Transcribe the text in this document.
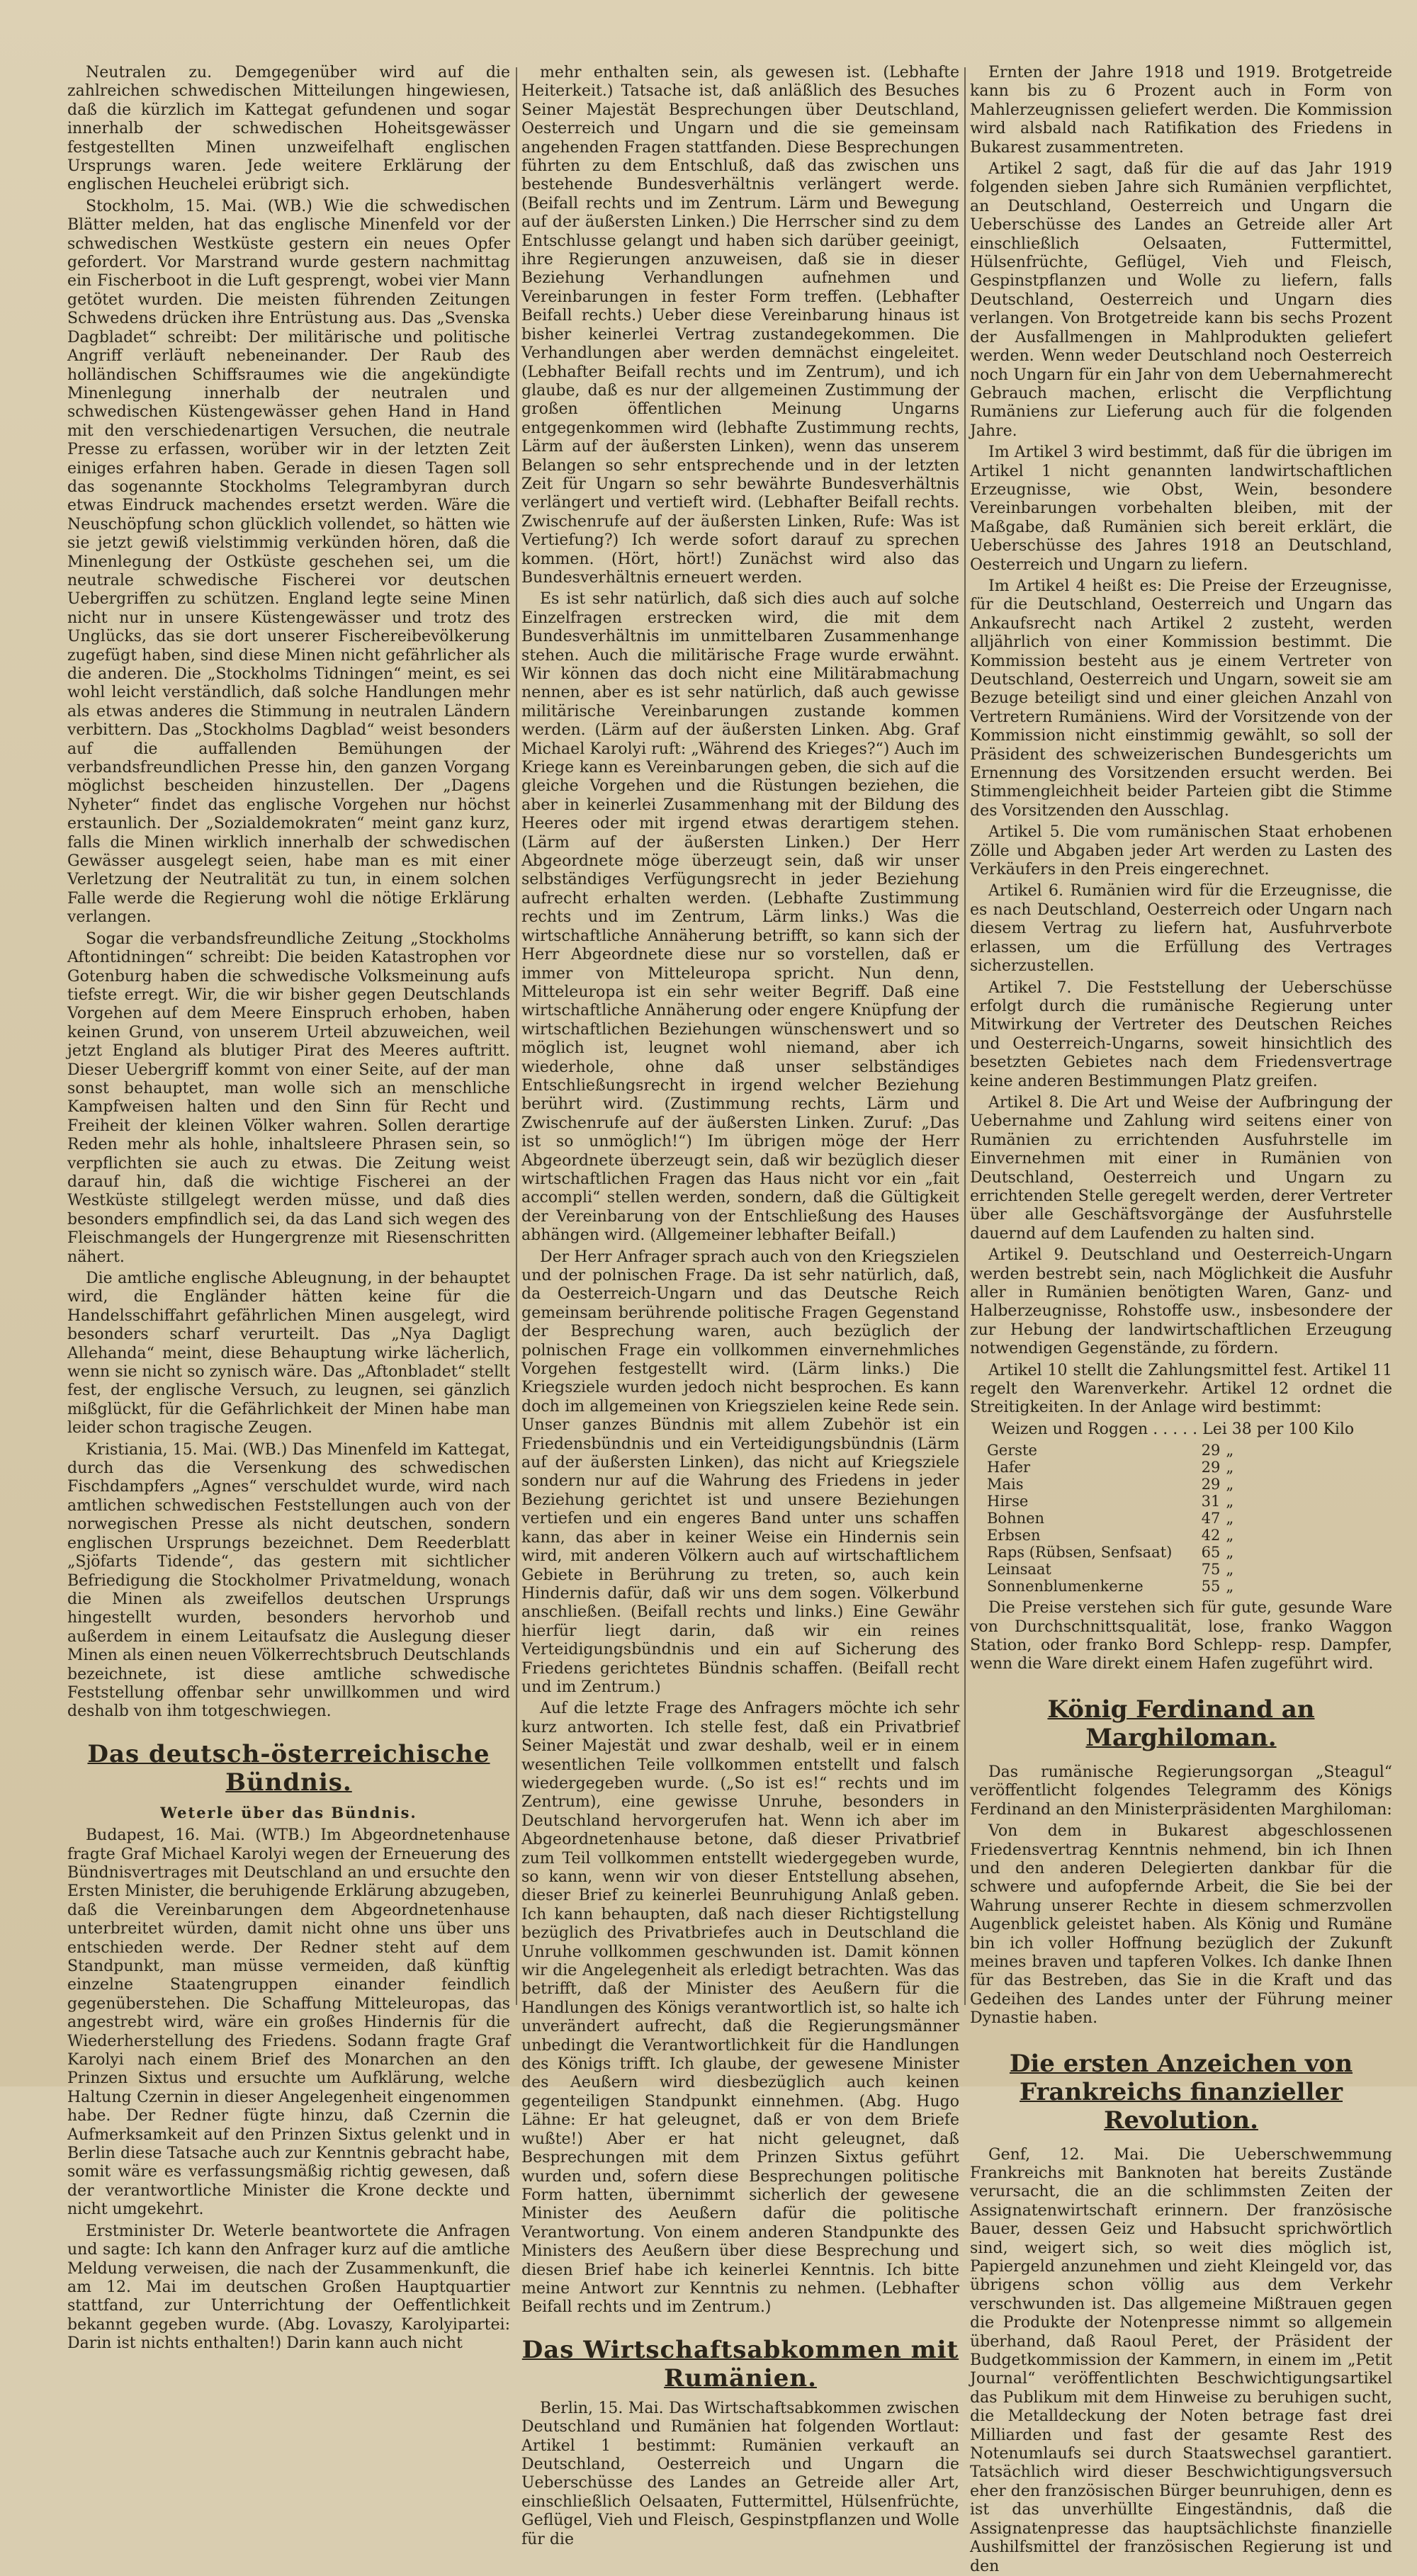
Neutralen zu. Demgegenüber wird auf die zahlreichen schwedischen Mitteilungen hingewiesen, daß die kürzlich im Kattegat gefundenen und sogar innerhalb der schwedischen Hoheitsgewässer festgestellten Minen unzweifelhaft englischen Ursprungs waren. Jede weitere Erklärung der englischen Heuchelei erübrigt sich.

Stockholm, 15. Mai. (WB.) Wie die schwedischen Blätter melden, hat das englische Minenfeld vor der schwedischen Westküste gestern ein neues Opfer gefordert. Vor Marstrand wurde gestern nachmittag ein Fischerboot in die Luft gesprengt, wobei vier Mann getötet wurden. Die meisten führenden Zeitungen Schwedens drücken ihre Entrüstung aus. Das „Svenska Dagbladet“ schreibt: Der militärische und politische Angriff verläuft nebeneinander. Der Raub des holländischen Schiffsraumes wie die angekündigte Minenlegung innerhalb der neutralen und schwedischen Küstengewässer gehen Hand in Hand mit den verschiedenartigen Versuchen, die neutrale Presse zu erfassen, worüber wir in der letzten Zeit einiges erfahren haben. Gerade in diesen Tagen soll das sogenannte Stockholms Telegrambyran durch etwas Eindruck machendes ersetzt werden. Wäre die Neuschöpfung schon glücklich vollendet, so hätten wie sie jetzt gewiß vielstimmig verkünden hören, daß die Minenlegung der Ostküste geschehen sei, um die neutrale schwedische Fischerei vor deutschen Uebergriffen zu schützen. England legte seine Minen nicht nur in unsere Küstengewässer und trotz des Unglücks, das sie dort unserer Fischereibevölkerung zugefügt haben, sind diese Minen nicht gefährlicher als die anderen. Die „Stockholms Tidningen“ meint, es sei wohl leicht verständlich, daß solche Handlungen mehr als etwas anderes die Stimmung in neutralen Ländern verbittern. Das „Stockholms Dagblad“ weist besonders auf die auffallenden Bemühungen der verbandsfreundlichen Presse hin, den ganzen Vorgang möglichst bescheiden hinzustellen. Der „Dagens Nyheter“ findet das englische Vorgehen nur höchst erstaunlich. Der „Sozialdemokraten“ meint ganz kurz, falls die Minen wirklich innerhalb der schwedischen Gewässer ausgelegt seien, habe man es mit einer Verletzung der Neutralität zu tun, in einem solchen Falle werde die Regierung wohl die nötige Erklärung verlangen.

Sogar die verbandsfreundliche Zeitung „Stockholms Aftontidningen“ schreibt: Die beiden Katastrophen vor Gotenburg haben die schwedische Volksmeinung aufs tiefste erregt. Wir, die wir bisher gegen Deutschlands Vorgehen auf dem Meere Einspruch erhoben, haben keinen Grund, von unserem Urteil abzuweichen, weil jetzt England als blutiger Pirat des Meeres auftritt. Dieser Uebergriff kommt von einer Seite, auf der man sonst behauptet, man wolle sich an menschliche Kampfweisen halten und den Sinn für Recht und Freiheit der kleinen Völker wahren. Sollen derartige Reden mehr als hohle, inhaltsleere Phrasen sein, so verpflichten sie auch zu etwas. Die Zeitung weist darauf hin, daß die wichtige Fischerei an der Westküste stillgelegt werden müsse, und daß dies besonders empfindlich sei, da das Land sich wegen des Fleischmangels der Hungergrenze mit Riesenschritten nähert.

Die amtliche englische Ableugnung, in der behauptet wird, die Engländer hätten keine für die Handelsschiffahrt gefährlichen Minen ausgelegt, wird besonders scharf verurteilt. Das „Nya Dagligt Allehanda“ meint, diese Behauptung wirke lächerlich, wenn sie nicht so zynisch wäre. Das „Aftonbladet“ stellt fest, der englische Versuch, zu leugnen, sei gänzlich mißglückt, für die Gefährlichkeit der Minen habe man leider schon tragische Zeugen.

Kristiania, 15. Mai. (WB.) Das Minenfeld im Kattegat, durch das die Versenkung des schwedischen Fischdampfers „Agnes“ verschuldet wurde, wird nach amtlichen schwedischen Feststellungen auch von der norwegischen Presse als nicht deutschen, sondern englischen Ursprungs bezeichnet. Dem Reederblatt „Sjöfarts Tidende“, das gestern mit sichtlicher Befriedigung die Stockholmer Privatmeldung, wonach die Minen als zweifellos deutschen Ursprungs hingestellt wurden, besonders hervorhob und außerdem in einem Leitaufsatz die Auslegung dieser Minen als einen neuen Völkerrechtsbruch Deutschlands bezeichnete, ist diese amtliche schwedische Feststellung offenbar sehr unwillkommen und wird deshalb von ihm totgeschwiegen.

Das deutsch-österreichische Bündnis.
Weterle über das Bündnis.

Budapest, 16. Mai. (WTB.) Im Abgeordnetenhause fragte Graf Michael Karolyi wegen der Erneuerung des Bündnisvertrages mit Deutschland an und ersuchte den Ersten Minister, die beruhigende Erklärung abzugeben, daß die Vereinbarungen dem Abgeordnetenhause unterbreitet würden, damit nicht ohne uns über uns entschieden werde. Der Redner steht auf dem Standpunkt, man müsse vermeiden, daß künftig einzelne Staatengruppen einander feindlich gegenüberstehen. Die Schaffung Mitteleuropas, das angestrebt wird, wäre ein großes Hindernis für die Wiederherstellung des Friedens. Sodann fragte Graf Karolyi nach einem Brief des Monarchen an den Prinzen Sixtus und ersuchte um Aufklärung, welche Haltung Czernin in dieser Angelegenheit eingenommen habe. Der Redner fügte hinzu, daß Czernin die Aufmerksamkeit auf den Prinzen Sixtus gelenkt und in Berlin diese Tatsache auch zur Kenntnis gebracht habe, somit wäre es verfassungsmäßig richtig gewesen, daß der verantwortliche Minister die Krone deckte und nicht umgekehrt.

Erstminister Dr. Weterle beantwortete die Anfragen und sagte: Ich kann den Anfrager kurz auf die amtliche Meldung verweisen, die nach der Zusammenkunft, die am 12. Mai im deutschen Großen Hauptquartier stattfand, zur Unterrichtung der Oeffentlichkeit bekannt gegeben wurde. (Abg. Lovaszy, Karolyipartei: Darin ist nichts enthalten!) Darin kann auch nicht

mehr enthalten sein, als gewesen ist. (Lebhafte Heiterkeit.) Tatsache ist, daß anläßlich des Besuches Seiner Majestät Besprechungen über Deutschland, Oesterreich und Ungarn und die sie gemeinsam angehenden Fragen stattfanden. Diese Besprechungen führten zu dem Entschluß, daß das zwischen uns bestehende Bundesverhältnis verlängert werde. (Beifall rechts und im Zentrum. Lärm und Bewegung auf der äußersten Linken.) Die Herrscher sind zu dem Entschlusse gelangt und haben sich darüber geeinigt, ihre Regierungen anzuweisen, daß sie in dieser Beziehung Verhandlungen aufnehmen und Vereinbarungen in fester Form treffen. (Lebhafter Beifall rechts.) Ueber diese Vereinbarung hinaus ist bisher keinerlei Vertrag zustandegekommen. Die Verhandlungen aber werden demnächst eingeleitet. (Lebhafter Beifall rechts und im Zentrum), und ich glaube, daß es nur der allgemeinen Zustimmung der großen öffentlichen Meinung Ungarns entgegenkommen wird (lebhafte Zustimmung rechts, Lärm auf der äußersten Linken), wenn das unserem Belangen so sehr entsprechende und in der letzten Zeit für Ungarn so sehr bewährte Bundesverhältnis verlängert und vertieft wird. (Lebhafter Beifall rechts. Zwischenrufe auf der äußersten Linken, Rufe: Was ist Vertiefung?) Ich werde sofort darauf zu sprechen kommen. (Hört, hört!) Zunächst wird also das Bundesverhältnis erneuert werden.

Es ist sehr natürlich, daß sich dies auch auf solche Einzelfragen erstrecken wird, die mit dem Bundesverhältnis im unmittelbaren Zusammenhange stehen. Auch die militärische Frage wurde erwähnt. Wir können das doch nicht eine Militärabmachung nennen, aber es ist sehr natürlich, daß auch gewisse militärische Vereinbarungen zustande kommen werden. (Lärm auf der äußersten Linken. Abg. Graf Michael Karolyi ruft: „Während des Krieges?“) Auch im Kriege kann es Vereinbarungen geben, die sich auf die gleiche Vorgehen und die Rüstungen beziehen, die aber in keinerlei Zusammenhang mit der Bildung des Heeres oder mit irgend etwas derartigem stehen. (Lärm auf der äußersten Linken.) Der Herr Abgeordnete möge überzeugt sein, daß wir unser selbständiges Verfügungsrecht in jeder Beziehung aufrecht erhalten werden. (Lebhafte Zustimmung rechts und im Zentrum, Lärm links.) Was die wirtschaftliche Annäherung betrifft, so kann sich der Herr Abgeordnete diese nur so vorstellen, daß er immer von Mitteleuropa spricht. Nun denn, Mitteleuropa ist ein sehr weiter Begriff. Daß eine wirtschaftliche Annäherung oder engere Knüpfung der wirtschaftlichen Beziehungen wünschenswert und so möglich ist, leugnet wohl niemand, aber ich wiederhole, ohne daß unser selbständiges Entschließungsrecht in irgend welcher Beziehung berührt wird. (Zustimmung rechts, Lärm und Zwischenrufe auf der äußersten Linken. Zuruf: „Das ist so unmöglich!“) Im übrigen möge der Herr Abgeordnete überzeugt sein, daß wir bezüglich dieser wirtschaftlichen Fragen das Haus nicht vor ein „fait accompli“ stellen werden, sondern, daß die Gültigkeit der Vereinbarung von der Entschließung des Hauses abhängen wird. (Allgemeiner lebhafter Beifall.)

Der Herr Anfrager sprach auch von den Kriegszielen und der polnischen Frage. Da ist sehr natürlich, daß, da Oesterreich-Ungarn und das Deutsche Reich gemeinsam berührende politische Fragen Gegenstand der Besprechung waren, auch bezüglich der polnischen Frage ein vollkommen einvernehmliches Vorgehen festgestellt wird. (Lärm links.) Die Kriegsziele wurden jedoch nicht besprochen. Es kann doch im allgemeinen von Kriegszielen keine Rede sein. Unser ganzes Bündnis mit allem Zubehör ist ein Friedensbündnis und ein Verteidigungsbündnis (Lärm auf der äußersten Linken), das nicht auf Kriegsziele sondern nur auf die Wahrung des Friedens in jeder Beziehung gerichtet ist und unsere Beziehungen vertiefen und ein engeres Band unter uns schaffen kann, das aber in keiner Weise ein Hindernis sein wird, mit anderen Völkern auch auf wirtschaftlichem Gebiete in Berührung zu treten, so, auch kein Hindernis dafür, daß wir uns dem sogen. Völkerbund anschließen. (Beifall rechts und links.) Eine Gewähr hierfür liegt darin, daß wir ein reines Verteidigungsbündnis und ein auf Sicherung des Friedens gerichtetes Bündnis schaffen. (Beifall recht und im Zentrum.)

Auf die letzte Frage des Anfragers möchte ich sehr kurz antworten. Ich stelle fest, daß ein Privatbrief Seiner Majestät und zwar deshalb, weil er in einem wesentlichen Teile vollkommen entstellt und falsch wiedergegeben wurde. („So ist es!“ rechts und im Zentrum), eine gewisse Unruhe, besonders in Deutschland hervorgerufen hat. Wenn ich aber im Abgeordnetenhause betone, daß dieser Privatbrief zum Teil vollkommen entstellt wiedergegeben wurde, so kann, wenn wir von dieser Entstellung absehen, dieser Brief zu keinerlei Beunruhigung Anlaß geben. Ich kann behaupten, daß nach dieser Richtigstellung bezüglich des Privatbriefes auch in Deutschland die Unruhe vollkommen geschwunden ist. Damit können wir die Angelegenheit als erledigt betrachten. Was das betrifft, daß der Minister des Aeußern für die Handlungen des Königs verantwortlich ist, so halte ich unverändert aufrecht, daß die Regierungsmänner unbedingt die Verantwortlichkeit für die Handlungen des Königs trifft. Ich glaube, der gewesene Minister des Aeußern wird diesbezüglich auch keinen gegenteiligen Standpunkt einnehmen. (Abg. Hugo Lähne: Er hat geleugnet, daß er von dem Briefe wußte!) Aber er hat nicht geleugnet, daß Besprechungen mit dem Prinzen Sixtus geführt wurden und, sofern diese Besprechungen politische Form hatten, übernimmt sicherlich der gewesene Minister des Aeußern dafür die politische Verantwortung. Von einem anderen Standpunkte des Ministers des Aeußern über diese Besprechung und diesen Brief habe ich keinerlei Kenntnis. Ich bitte meine Antwort zur Kenntnis zu nehmen. (Lebhafter Beifall rechts und im Zentrum.)

Das Wirtschaftsabkommen mit Rumänien.

Berlin, 15. Mai. Das Wirtschaftsabkommen zwischen Deutschland und Rumänien hat folgenden Wortlaut: Artikel 1 bestimmt: Rumänien verkauft an Deutschland, Oesterreich und Ungarn die Ueberschüsse des Landes an Getreide aller Art, einschließlich Oelsaaten, Futtermittel, Hülsenfrüchte, Geflügel, Vieh und Fleisch, Gespinstpflanzen und Wolle für die

Ernten der Jahre 1918 und 1919. Brotgetreide kann bis zu 6 Prozent auch in Form von Mahlerzeugnissen geliefert werden. Die Kommission wird alsbald nach Ratifikation des Friedens in Bukarest zusammentreten.

Artikel 2 sagt, daß für die auf das Jahr 1919 folgenden sieben Jahre sich Rumänien verpflichtet, an Deutschland, Oesterreich und Ungarn die Ueberschüsse des Landes an Getreide aller Art einschließlich Oelsaaten, Futtermittel, Hülsenfrüchte, Geflügel, Vieh und Fleisch, Gespinstpflanzen und Wolle zu liefern, falls Deutschland, Oesterreich und Ungarn dies verlangen. Von Brotgetreide kann bis sechs Prozent der Ausfallmengen in Mahlprodukten geliefert werden. Wenn weder Deutschland noch Oesterreich noch Ungarn für ein Jahr von dem Uebernahmerecht Gebrauch machen, erlischt die Verpflichtung Rumäniens zur Lieferung auch für die folgenden Jahre.

Im Artikel 3 wird bestimmt, daß für die übrigen im Artikel 1 nicht genannten landwirtschaftlichen Erzeugnisse, wie Obst, Wein, besondere Vereinbarungen vorbehalten bleiben, mit der Maßgabe, daß Rumänien sich bereit erklärt, die Ueberschüsse des Jahres 1918 an Deutschland, Oesterreich und Ungarn zu liefern.

Im Artikel 4 heißt es: Die Preise der Erzeugnisse, für die Deutschland, Oesterreich und Ungarn das Ankaufsrecht nach Artikel 2 zusteht, werden alljährlich von einer Kommission bestimmt. Die Kommission besteht aus je einem Vertreter von Deutschland, Oesterreich und Ungarn, soweit sie am Bezuge beteiligt sind und einer gleichen Anzahl von Vertretern Rumäniens. Wird der Vorsitzende von der Kommission nicht einstimmig gewählt, so soll der Präsident des schweizerischen Bundesgerichts um Ernennung des Vorsitzenden ersucht werden. Bei Stimmengleichheit beider Parteien gibt die Stimme des Vorsitzenden den Ausschlag.

Artikel 5. Die vom rumänischen Staat erhobenen Zölle und Abgaben jeder Art werden zu Lasten des Verkäufers in den Preis eingerechnet.

Artikel 6. Rumänien wird für die Erzeugnisse, die es nach Deutschland, Oesterreich oder Ungarn nach diesem Vertrag zu liefern hat, Ausfuhrverbote erlassen, um die Erfüllung des Vertrages sicherzustellen.

Artikel 7. Die Feststellung der Ueberschüsse erfolgt durch die rumänische Regierung unter Mitwirkung der Vertreter des Deutschen Reiches und Oesterreich-Ungarns, soweit hinsichtlich des besetzten Gebietes nach dem Friedensvertrage keine anderen Bestimmungen Platz greifen.

Artikel 8. Die Art und Weise der Aufbringung der Uebernahme und Zahlung wird seitens einer von Rumänien zu errichtenden Ausfuhrstelle im Einvernehmen mit einer in Rumänien von Deutschland, Oesterreich und Ungarn zu errichtenden Stelle geregelt werden, derer Vertreter über alle Geschäftsvorgänge der Ausfuhrstelle dauernd auf dem Laufenden zu halten sind.

Artikel 9. Deutschland und Oesterreich-Ungarn werden bestrebt sein, nach Möglichkeit die Ausfuhr aller in Rumänien benötigten Waren, Ganz- und Halberzeugnisse, Rohstoffe usw., insbesondere der zur Hebung der landwirtschaftlichen Erzeugung notwendigen Gegenstände, zu fördern.

Artikel 10 stellt die Zahlungsmittel fest. Artikel 11 regelt den Warenverkehr. Artikel 12 ordnet die Streitigkeiten. In der Anlage wird bestimmt:

Weizen und Roggen . . . . . Lei 38 per 100 Kilo
Gerste	29	„
Hafer	29	„
Mais	29	„
Hirse	31	„
Bohnen	47	„
Erbsen	42	„
Raps (Rübsen, Senfsaat)	65	„
Leinsaat	75	„
Sonnenblumenkerne	55	„

Die Preise verstehen sich für gute, gesunde Ware von Durchschnittsqualität, lose, franko Waggon Station, oder franko Bord Schlepp- resp. Dampfer, wenn die Ware direkt einem Hafen zugeführt wird.

König Ferdinand an Marghiloman.

Das rumänische Regierungsorgan „Steagul“ veröffentlicht folgendes Telegramm des Königs Ferdinand an den Ministerpräsidenten Marghiloman:

Von dem in Bukarest abgeschlossenen Friedensvertrag Kenntnis nehmend, bin ich Ihnen und den anderen Delegierten dankbar für die schwere und aufopfernde Arbeit, die Sie bei der Wahrung unserer Rechte in diesem schmerzvollen Augenblick geleistet haben. Als König und Rumäne bin ich voller Hoffnung bezüglich der Zukunft meines braven und tapferen Volkes. Ich danke Ihnen für das Bestreben, das Sie in die Kraft und das Gedeihen des Landes unter der Führung meiner Dynastie haben.

Die ersten Anzeichen von Frankreichs finanzieller Revolution.

Genf, 12. Mai. Die Ueberschwemmung Frankreichs mit Banknoten hat bereits Zustände verursacht, die an die schlimmsten Zeiten der Assignatenwirtschaft erinnern. Der französische Bauer, dessen Geiz und Habsucht sprichwörtlich sind, weigert sich, so weit dies möglich ist, Papiergeld anzunehmen und zieht Kleingeld vor, das übrigens schon völlig aus dem Verkehr verschwunden ist. Das allgemeine Mißtrauen gegen die Produkte der Notenpresse nimmt so allgemein überhand, daß Raoul Peret, der Präsident der Budgetkommission der Kammern, in einem im „Petit Journal“ veröffentlichten Beschwichtigungsartikel das Publikum mit dem Hinweise zu beruhigen sucht, die Metalldeckung der Noten betrage fast drei Milliarden und fast der gesamte Rest des Notenumlaufs sei durch Staatswechsel garantiert. Tatsächlich wird dieser Beschwichtigungsversuch eher den französischen Bürger beunruhigen, denn es ist das unverhüllte Eingeständnis, daß die Assignatenpresse das hauptsächlichste finanzielle Aushilfsmittel der französischen Regierung ist und den
